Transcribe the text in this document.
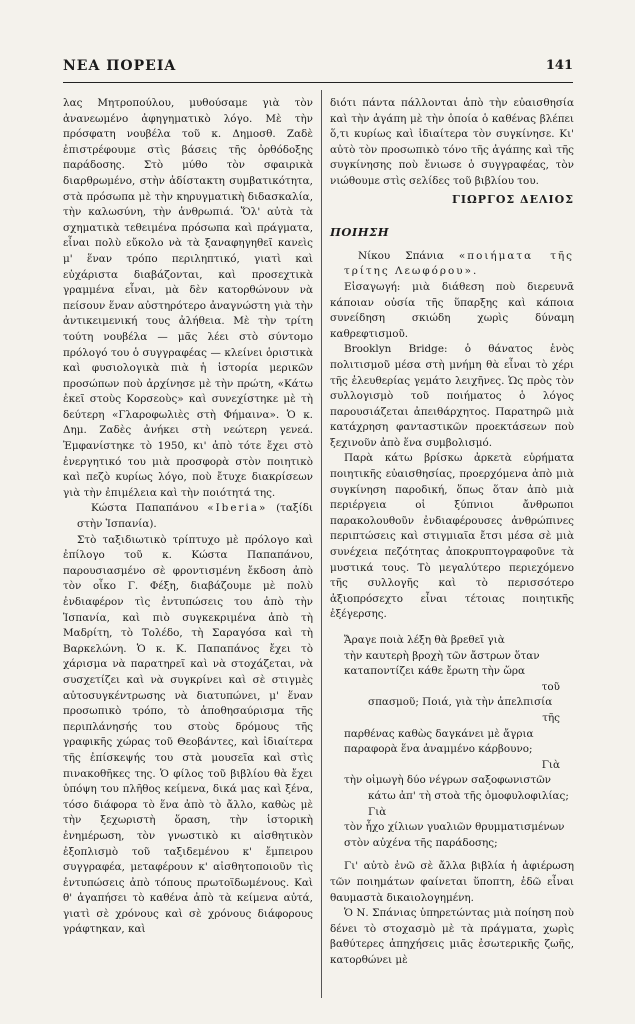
ΝΕΑ ΠΟΡΕΙΑ	141

λας Μητροπούλου, μυθούσαμε γιὰ τὸν ἀνανεωμένο ἀφηγηματικὸ λόγο. Μὲ τὴν πρόσφατη νουβέλα τοῦ κ. Δημοσθ. Ζαδὲ ἐπιστρέφουμε στὶς βάσεις τῆς ὀρθόδοξης παράδοσης. Στὸ μύθο τὸν σφαιρικὰ διαρθρωμένο, στὴν ἀδίστακτη συμβατικότητα, στὰ πρόσωπα μὲ τὴν κηρυγματικὴ διδασκαλία, τὴν καλωσύνη, τὴν ἀνθρωπιά. Ὅλ' αὐτὰ τὰ σχηματικὰ τεθειμένα πρόσωπα καὶ πράγματα, εἶναι πολὺ εὔκολο νὰ τὰ ξαναφηγηθεῖ κανεὶς μ' ἕναν τρόπο περιληπτικό, γιατὶ καὶ εὐχάριστα διαβάζονται, καὶ προσεχτικὰ γραμμένα εἶναι, μὰ δὲν κατορθώνουν νὰ πείσουν ἕναν αὐστηρότερο ἀναγνώστη γιὰ τὴν ἀντικειμενική τους ἀλήθεια. Μὲ τὴν τρίτη τούτη νουβέλα — μᾶς λέει στὸ σύντομο πρόλογό του ὁ συγγραφέας — κλείνει ὁριστικὰ καὶ φυσιολογικὰ πιὰ ἡ ἱστορία μερικῶν προσώπων ποὺ ἀρχίνησε μὲ τὴν πρώτη, «Κάτω ἐκεῖ στοὺς Κορσεοὺς» καὶ συνεχίστηκε μὲ τὴ δεύτερη «Γλαροφωλιὲς στὴ Φήμαινα». Ὁ κ. Δημ. Ζαδὲς ἀνήκει στὴ νεώτερη γενεά. Ἐμφανίστηκε τὸ 1950, κι' ἀπὸ τότε ἔχει στὸ ἐνεργητικό του μιὰ προσφορὰ στὸν ποιητικὸ καὶ πεζὸ κυρίως λόγο, ποὺ ἔτυχε διακρίσεων γιὰ τὴν ἐπιμέλεια καὶ τὴν ποιότητά της.

Κώστα Παπαπάνου «Iberia» (ταξίδι στὴν Ἱσπανία).

Στὸ ταξιδιωτικὸ τρίπτυχο μὲ πρόλογο καὶ ἐπίλογο τοῦ κ. Κώστα Παπαπάνου, παρουσιασμένο σὲ φροντισμένη ἔκδοση ἀπὸ τὸν οἶκο Γ. Φέξη, διαβάζουμε μὲ πολὺ ἐνδιαφέρον τὶς ἐντυπώσεις του ἀπὸ τὴν Ἱσπανία, καὶ πιὸ συγκεκριμένα ἀπὸ τὴ Μαδρίτη, τὸ Τολέδο, τὴ Σαραγόσα καὶ τὴ Βαρκελώνη. Ὁ κ. Κ. Παπαπάνος ἔχει τὸ χάρισμα νὰ παρατηρεῖ καὶ νὰ στοχάζεται, νὰ συσχετίζει καὶ νὰ συγκρίνει καὶ σὲ στιγμὲς αὐτοσυγκέντρωσης νὰ διατυπώνει, μ' ἕναν προσωπικὸ τρόπο, τὸ ἀποθησαύρισμα τῆς περιπλάνησής του στοὺς δρόμους τῆς γραφικῆς χώρας τοῦ Θεοβάντες, καὶ ἰδιαίτερα τῆς ἐπίσκεψής του στὰ μουσεῖα καὶ στὶς πινακοθῆκες της. Ὁ φίλος τοῦ βιβλίου θὰ ἔχει ὑπόψη του πλῆθος κείμενα, δικά μας καὶ ξένα, τόσο διάφορα τὸ ἕνα ἀπὸ τὸ ἄλλο, καθὼς μὲ τὴν ξεχωριστὴ ὅραση, τὴν ἱστορικὴ ἐνημέρωση, τὸν γνωστικὸ κι αἰσθητικὸν ἐξοπλισμὸ τοῦ ταξιδεμένου κ' ἔμπειρου συγγραφέα, μεταφέρουν κ' αἰσθητοποιοῦν τὶς ἐντυπώσεις ἀπὸ τόπους πρωτοϊδωμένους. Καὶ θ' ἀγαπήσει τὸ καθένα ἀπὸ τὰ κείμενα αὐτά, γιατὶ σὲ χρόνους καὶ σὲ χρόνους διάφορους γράφτηκαν, καὶ

διότι πάντα πάλλονται ἀπὸ τὴν εὐαισθησία καὶ τὴν ἀγάπη μὲ τὴν ὁποία ὁ καθένας βλέπει ὅ,τι κυρίως καὶ ἰδιαίτερα τὸν συγκίνησε. Κι' αὐτὸ τὸν προσωπικὸ τόνο τῆς ἀγάπης καὶ τῆς συγκίνησης ποὺ ἔνιωσε ὁ συγγραφέας, τὸν νιώθουμε στὶς σελίδες τοῦ βιβλίου του.

ΓΙΩΡΓΟΣ ΔΕΛΙΟΣ
ΠΟΙΗΣΗ

Νίκου Σπάνια «ποιήματα τῆς τρίτης Λεωφόρου».

Εἰσαγωγή: μιὰ διάθεση ποὺ διερευνᾶ κάποιαν οὐσία τῆς ὕπαρξης καὶ κάποια συνείδηση σκιώδη χωρὶς δύναμη καθρεφτισμοῦ.

Brooklyn Bridge: ὁ θάνατος ἑνὸς πολιτισμοῦ μέσα στὴ μνήμη θὰ εἶναι τὸ χέρι τῆς ἐλευθερίας γεμάτο λειχῆνες. Ὡς πρὸς τὸν συλλογισμὸ τοῦ ποιήματος ὁ λόγος παρουσιάζεται ἀπειθάρχητος. Παρατηρῶ μιὰ κατάχρηση φανταστικῶν προεκτάσεων ποὺ ξεχινοῦν ἀπὸ ἕνα συμβολισμό.

Παρὰ κάτω βρίσκω ἀρκετὰ εὑρήματα ποιητικῆς εὐαισθησίας, προερχόμενα ἀπὸ μιὰ συγκίνηση παροδική, ὅπως ὅταν ἀπὸ μιὰ περιέργεια οἱ ξύπνιοι ἄνθρωποι παρακολουθοῦν ἐνδιαφέρουσες ἀνθρώπινες περιπτώσεις καὶ στιγμιαῖα ἔτσι μέσα σὲ μιὰ συνέχεια πεζότητας ἀποκρυπτογραφοῦνε τὰ μυστικά τους. Τὸ μεγαλύτερο περιεχόμενο τῆς συλλογῆς καὶ τὸ περισσότερο ἀξιοπρόσεχτο εἶναι τέτοιας ποιητικῆς ἐξέγερσης.

Ἄραγε ποιὰ λέξη θὰ βρεθεῖ γιὰ
τὴν καυτερὴ βροχὴ τῶν ἄστρων ὅταν
καταποντίζει κάθε ἔρωτη τὴν ὥρα
τοῦ
σπασμοῦ; Ποιά, γιὰ τὴν ἀπελπισία
τῆς
παρθένας καθὼς δαγκάνει μὲ ἄγρια
παραφορὰ ἕνα ἀναμμένο κάρβουνο;
Γιὰ
τὴν οἰμωγὴ δύο νέγρων σαξοφωνιστῶν
κάτω ἀπ' τὴ στοὰ τῆς ὁμοφυλοφιλίας; Γιὰ
τὸν ἦχο χίλιων γυαλιῶν θρυμματισμένων
στὸν αὐχένα τῆς παράδοσης;

Γι' αὐτὸ ἐνῶ σὲ ἄλλα βιβλία ἡ ἀφιέρωση τῶν ποιημάτων φαίνεται ὕποπτη, ἐδῶ εἶναι θαυμαστὰ δικαιολογημένη.

Ὁ Ν. Σπάνιας ὑπηρετώντας μιὰ ποίηση ποὺ δένει τὸ στοχασμὸ μὲ τὰ πράγματα, χωρὶς βαθύτερες ἀπηχήσεις μιᾶς ἐσωτερικῆς ζωῆς, κατορθώνει μὲ
